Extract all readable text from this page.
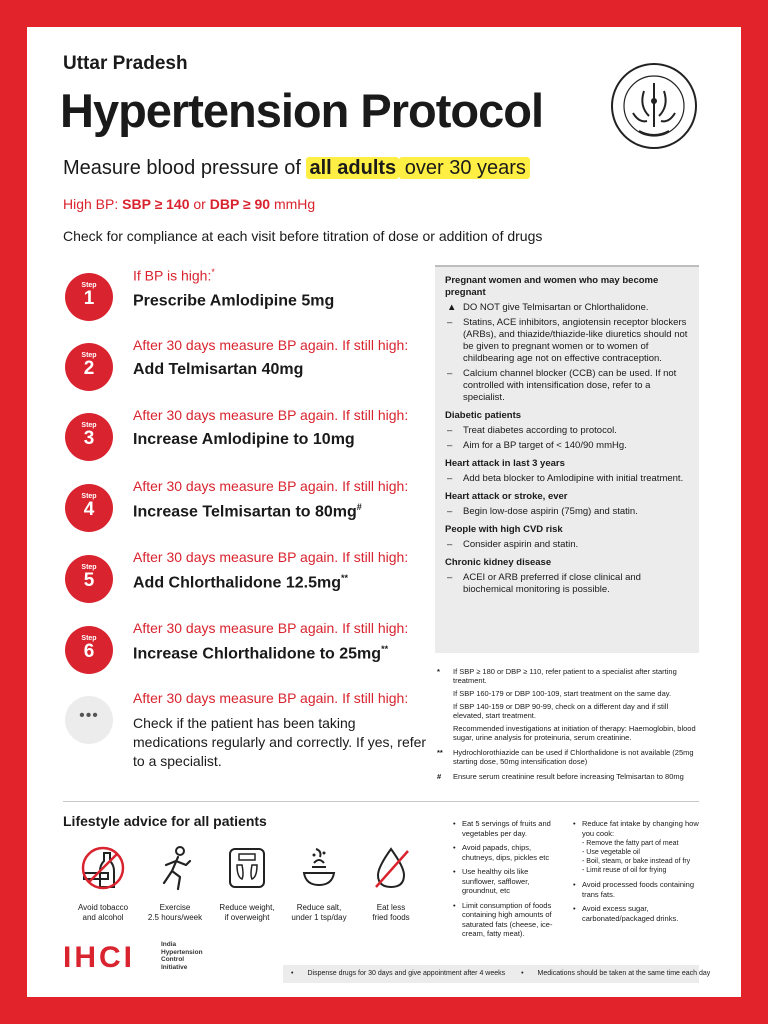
Uttar Pradesh
Hypertension Protocol
Measure blood pressure of all adults over 30 years
High BP: SBP ≥ 140 or DBP ≥ 90 mmHg
Check for compliance at each visit before titration of dose or addition of drugs
Step
1
If BP is high:*
Prescribe Amlodipine 5mg
Step
2
After 30 days measure BP again. If still high:
Add Telmisartan 40mg
Step
3
After 30 days measure BP again. If still high:
Increase Amlodipine to 10mg
Step
4
After 30 days measure BP again. If still high:
Increase Telmisartan to 80mg#
Step
5
After 30 days measure BP again. If still high:
Add Chlorthalidone 12.5mg**
Step
6
After 30 days measure BP again. If still high:
Increase Chlorthalidone to 25mg**
•••
After 30 days measure BP again. If still high:
Check if the patient has been taking medications regularly and correctly. If yes, refer to a specialist.
Pregnant women and women who may become pregnant
▲ DO NOT give Telmisartan or Chlorthalidone.
– Statins, ACE inhibitors, angiotensin receptor blockers (ARBs), and thiazide/thiazide-like diuretics should not be given to pregnant women or to women of childbearing age not on effective contraception.
– Calcium channel blocker (CCB) can be used. If not controlled with intensification dose, refer to a specialist.
Diabetic patients
– Treat diabetes according to protocol.
– Aim for a BP target of < 140/90 mmHg.
Heart attack in last 3 years
– Add beta blocker to Amlodipine with initial treatment.
Heart attack or stroke, ever
– Begin low-dose aspirin (75mg) and statin.
People with high CVD risk
– Consider aspirin and statin.
Chronic kidney disease
– ACEI or ARB preferred if close clinical and biochemical monitoring is possible.
* If SBP ≥ 180 or DBP ≥ 110, refer patient to a specialist after starting treatment.
If SBP 160-179 or DBP 100-109, start treatment on the same day.
If SBP 140-159 or DBP 90-99, check on a different day and if still elevated, start treatment.
Recommended investigations at initiation of therapy: Haemoglobin, blood sugar, urine analysis for proteinuria, serum creatinine.
** Hydrochlorothiazide can be used if Chlorthalidone is not available (25mg starting dose, 50mg intensification dose)
# Ensure serum creatinine result before increasing Telmisartan to 80mg
Lifestyle advice for all patients
Avoid tobacco
and alcohol
Exercise
2.5 hours/week
Reduce weight,
if overweight
Reduce salt,
under 1 tsp/day
Eat less
fried foods
• Eat 5 servings of fruits and vegetables per day.
• Avoid papads, chips, chutneys, dips, pickles etc
• Use healthy oils like sunflower, safflower, groundnut, etc
• Limit consumption of foods containing high amounts of saturated fats (cheese, ice-cream, fatty meat).
• Reduce fat intake by changing how you cook:
- Remove the fatty part of meat
- Use vegetable oil
- Boil, steam, or bake instead of fry
- Limit reuse of oil for frying
• Avoid processed foods containing trans fats.
• Avoid excess sugar, carbonated/packaged drinks.
IHCI	India
Hypertension
Control
Initiative
• Dispense drugs for 30 days and give appointment after 4 weeks • Medications should be taken at the same time each day
